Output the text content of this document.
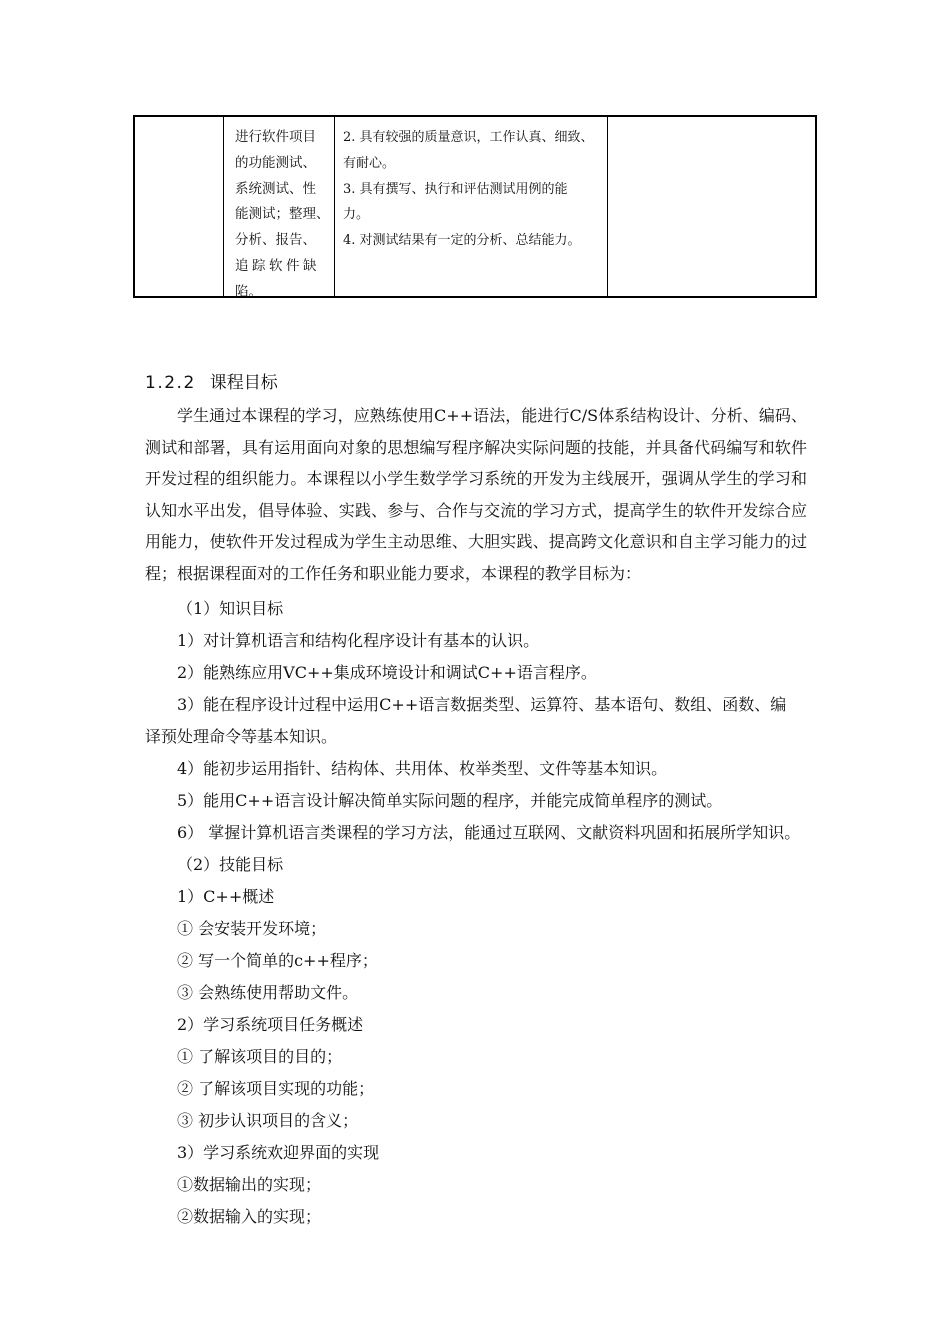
进行软件项目
的功能测试、
系统测试、性
能测试；整理、
分析、报告、
追踪软件缺
陷。
2. 具有较强的质量意识，工作认真、细致、
有耐心。
3. 具有撰写、执行和评估测试用例的能
力。
4. 对测试结果有一定的分析、总结能力。
1.2.2 课程目标
学生通过本课程的学习，应熟练使用C++语法，能进行C/S体系结构设计、分析、编码、测试和部署，具有运用面向对象的思想编写程序解决实际问题的技能，并具备代码编写和软件开发过程的组织能力。本课程以小学生数学学习系统的开发为主线展开，强调从学生的学习和认知水平出发，倡导体验、实践、参与、合作与交流的学习方式，提高学生的软件开发综合应用能力，使软件开发过程成为学生主动思维、大胆实践、提高跨文化意识和自主学习能力的过程；根据课程面对的工作任务和职业能力要求，本课程的教学目标为：
（1）知识目标
1）对计算机语言和结构化程序设计有基本的认识。
2）能熟练应用VC++集成环境设计和调试C++语言程序。
3）能在程序设计过程中运用C++语言数据类型、运算符、基本语句、数组、函数、编
译预处理命令等基本知识。
4）能初步运用指针、结构体、共用体、枚举类型、文件等基本知识。
5）能用C++语言设计解决简单实际问题的程序，并能完成简单程序的测试。
6） 掌握计算机语言类课程的学习方法，能通过互联网、文献资料巩固和拓展所学知识。
（2）技能目标
1）C++概述
① 会安装开发环境；
② 写一个简单的c++程序；
③ 会熟练使用帮助文件。
2）学习系统项目任务概述
① 了解该项目的目的；
② 了解该项目实现的功能；
③ 初步认识项目的含义；
3）学习系统欢迎界面的实现
①数据输出的实现；
②数据输入的实现；
